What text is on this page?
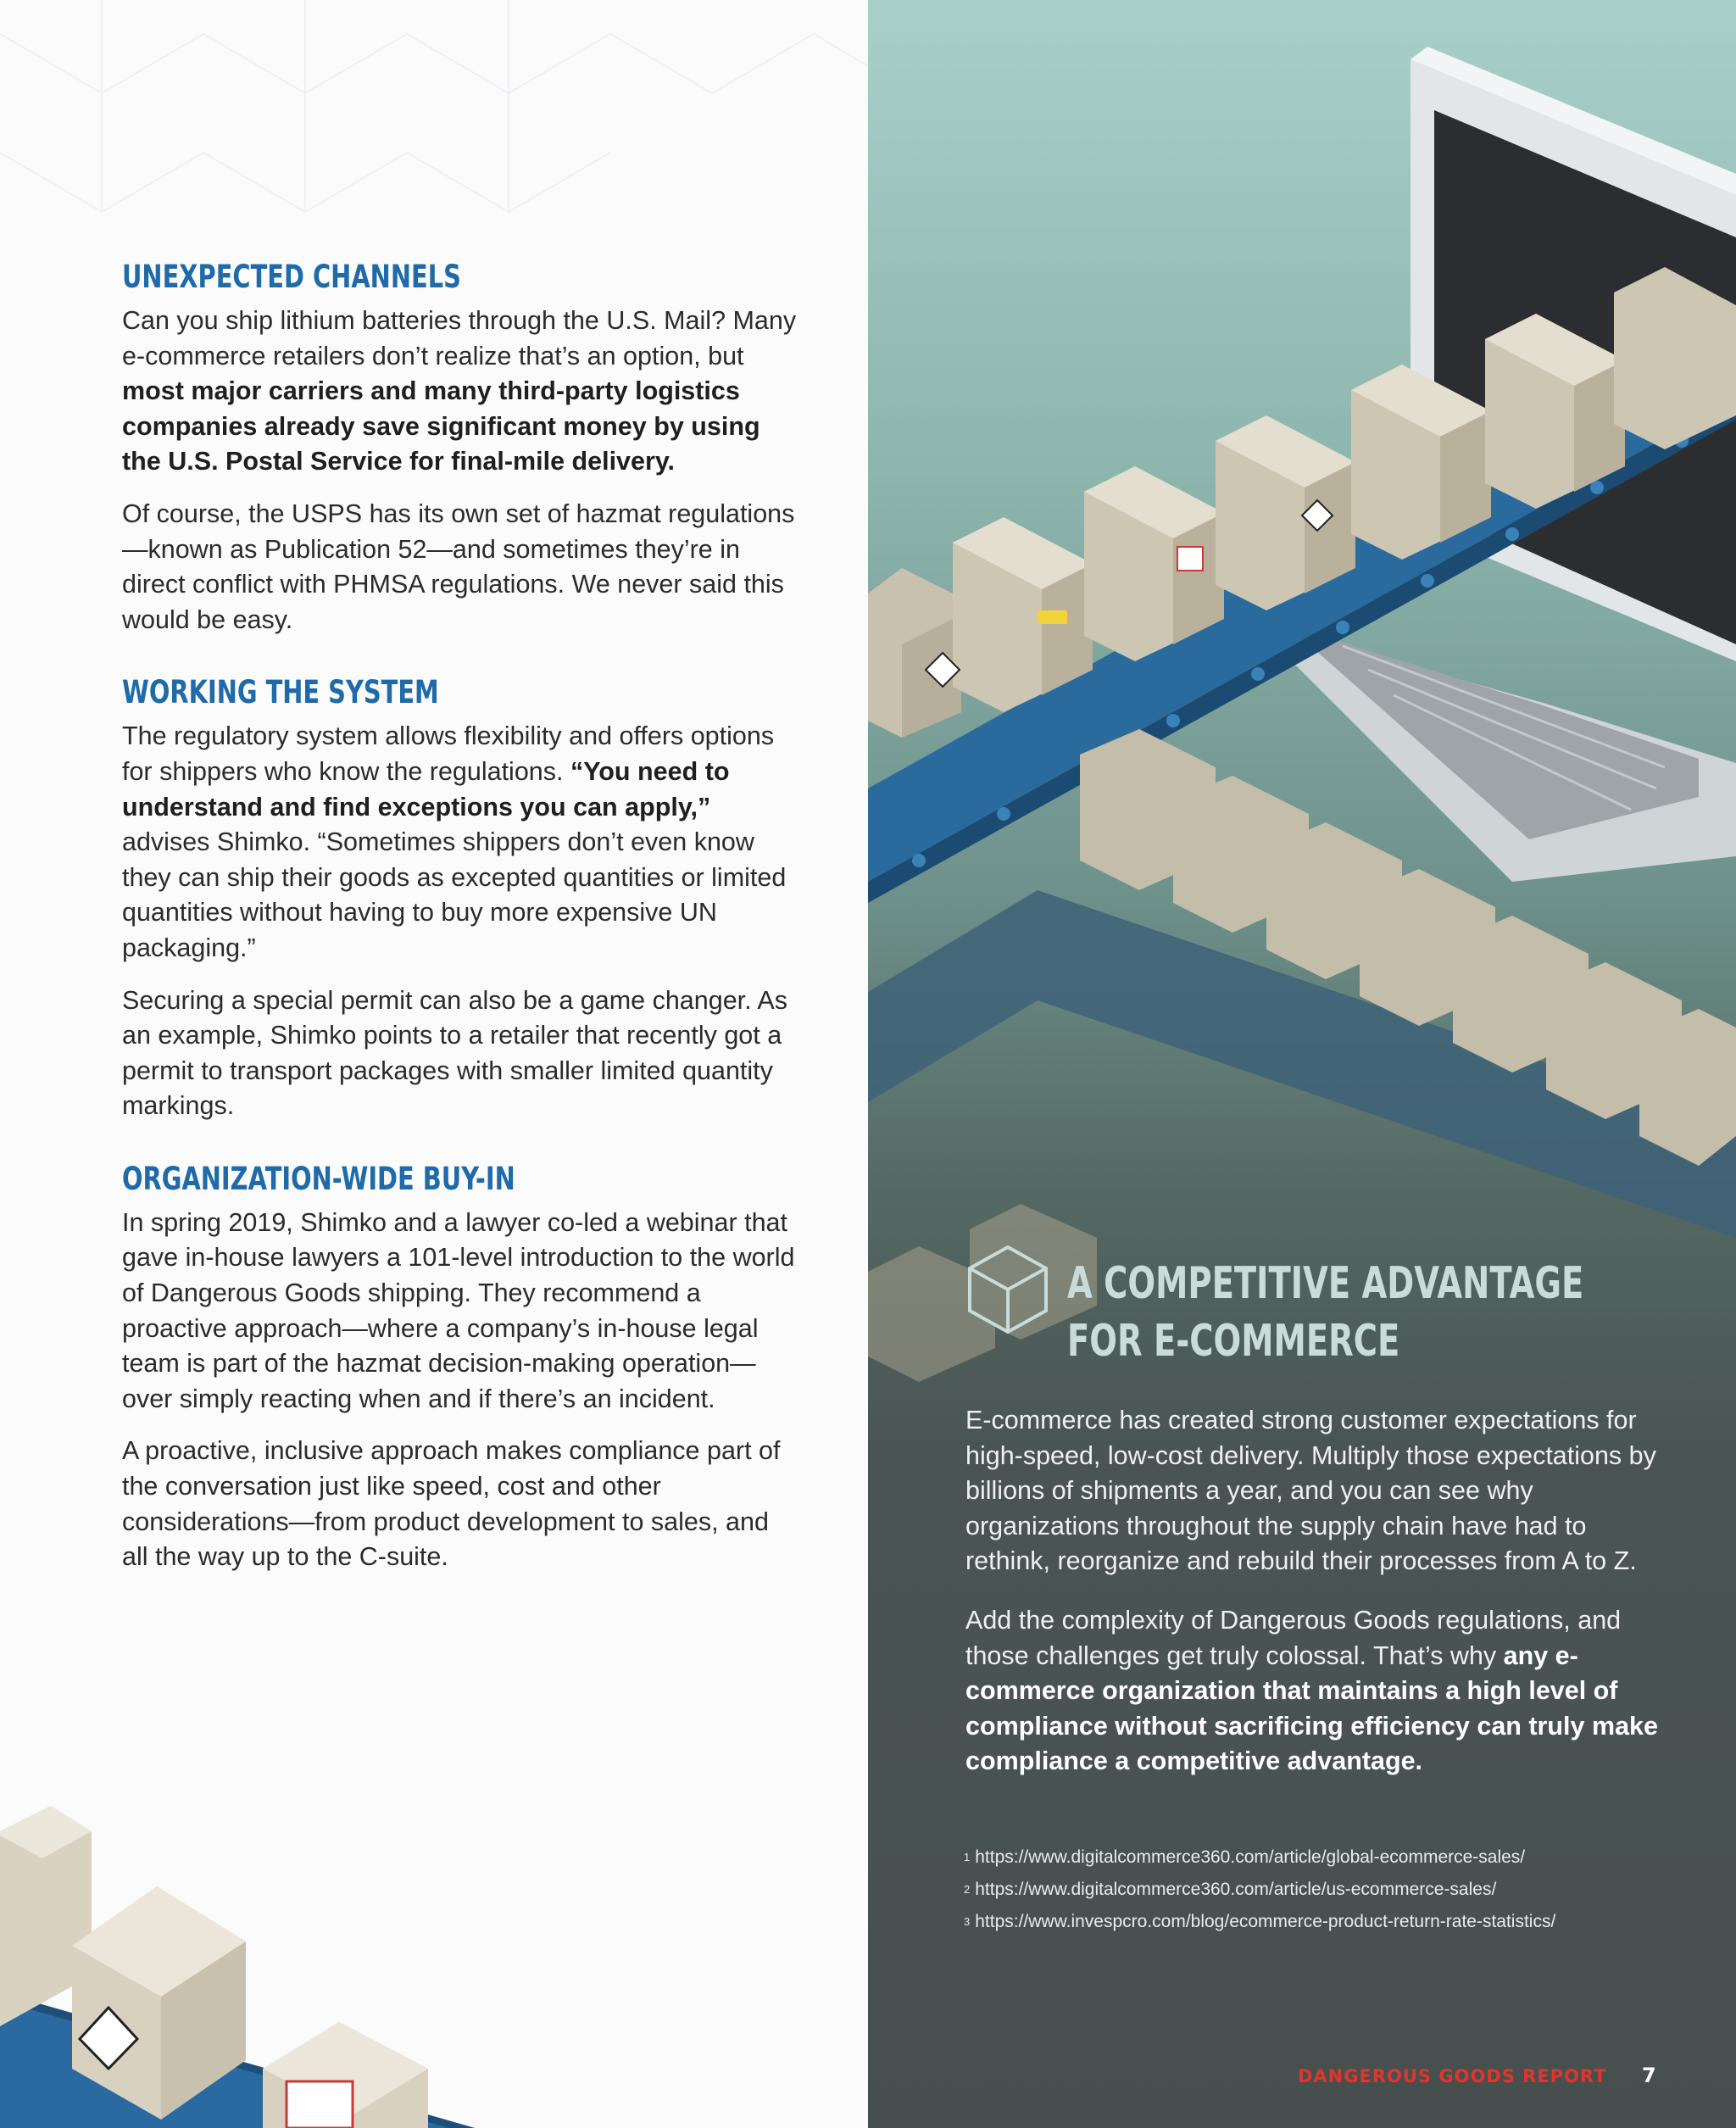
UNEXPECTED CHANNELS

Can you ship lithium batteries through the U.S. Mail? Many e-commerce retailers don’t realize that’s an option, but most major carriers and many third-party logistics companies already save significant money by using the U.S. Postal Service for final-mile delivery.

Of course, the USPS has its own set of hazmat regulations—known as Publication 52—and sometimes they’re in direct conflict with PHMSA regulations. We never said this would be easy.

WORKING THE SYSTEM

The regulatory system allows flexibility and offers options for shippers who know the regulations. “You need to understand and find exceptions you can apply,” advises Shimko. “Sometimes shippers don’t even know they can ship their goods as excepted quantities or limited quantities without having to buy more expensive UN packaging.”

Securing a special permit can also be a game changer. As an example, Shimko points to a retailer that recently got a permit to transport packages with smaller limited quantity markings.

ORGANIZATION-WIDE BUY-IN

In spring 2019, Shimko and a lawyer co-led a webinar that gave in-house lawyers a 101-level introduction to the world of Dangerous Goods shipping. They recommend a proactive approach—where a company’s in-house legal team is part of the hazmat decision-making operation—over simply reacting when and if there’s an incident.

A proactive, inclusive approach makes compliance part of the conversation just like speed, cost and other considerations—from product development to sales, and all the way up to the C-suite.

A COMPETITIVE ADVANTAGE
FOR E-COMMERCE

E-commerce has created strong customer expectations for high-speed, low-cost delivery. Multiply those expectations by billions of shipments a year, and you can see why organizations throughout the supply chain have had to rethink, reorganize and rebuild their processes from A to Z.

Add the complexity of Dangerous Goods regulations, and those challenges get truly colossal. That’s why any e-commerce organization that maintains a high level of compliance without sacrificing efficiency can truly make compliance a competitive advantage.

$^1$ https://www.digitalcommerce360.com/article/global-ecommerce-sales/
$^2$ https://www.digitalcommerce360.com/article/us-ecommerce-sales/
$^3$ https://www.invespcro.com/blog/ecommerce-product-return-rate-statistics/
DANGEROUS GOODS REPORT 7
